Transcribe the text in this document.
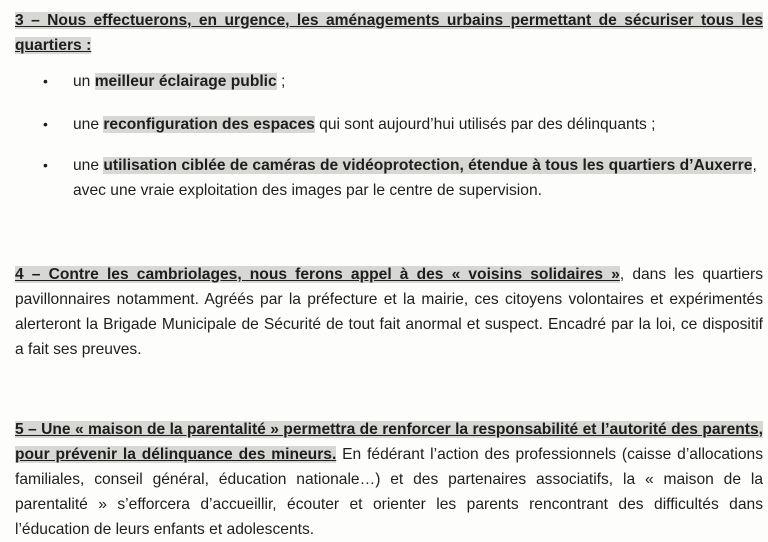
3 – Nous effectuerons, en urgence, les aménagements urbains permettant de sécuriser tous les quartiers :

• un meilleur éclairage public ;
• une reconfiguration des espaces qui sont aujourd’hui utilisés par des délinquants ;
• une utilisation ciblée de caméras de vidéoprotection, étendue à tous les quartiers d’Auxerre, avec une vraie exploitation des images par le centre de supervision.

4 – Contre les cambriolages, nous ferons appel à des « voisins solidaires », dans les quartiers pavillonnaires notamment. Agréés par la préfecture et la mairie, ces citoyens volontaires et expérimentés alerteront la Brigade Municipale de Sécurité de tout fait anormal et suspect. Encadré par la loi, ce dispositif a fait ses preuves.

5 – Une « maison de la parentalité » permettra de renforcer la responsabilité et l’autorité des parents, pour prévenir la délinquance des mineurs. En fédérant l’action des professionnels (caisse d’allocations familiales, conseil général, éducation nationale…) et des partenaires associatifs, la « maison de la parentalité » s’efforcera d’accueillir, écouter et orienter les parents rencontrant des difficultés dans l’éducation de leurs enfants et adolescents.
